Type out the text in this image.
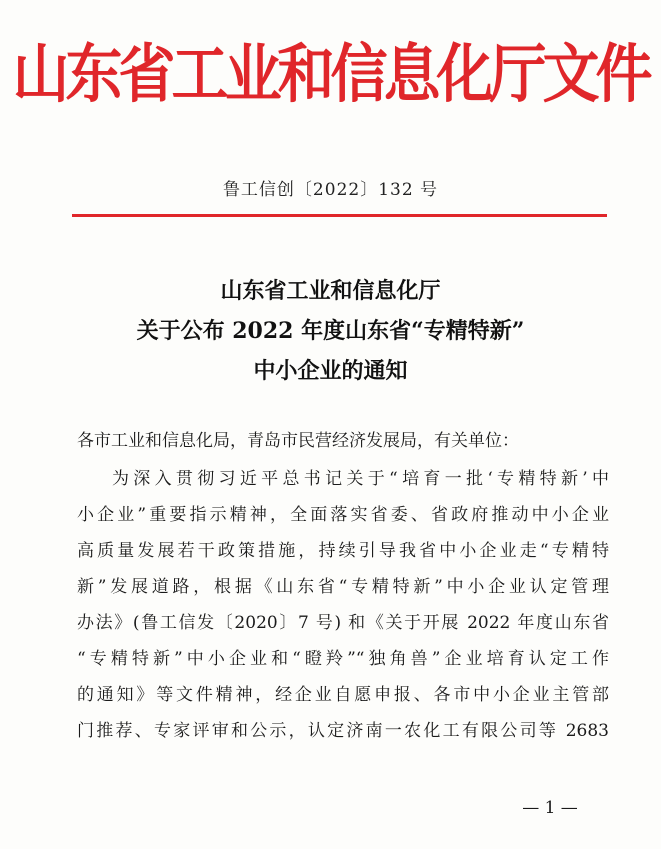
山东省工业和信息化厅文件
鲁工信创〔2022〕132 号
山东省工业和信息化厅
关于公布 2022 年度山东省“专精特新”
中小企业的通知
各市工业和信息化局，青岛市民营经济发展局，有关单位：
为深入贯彻习近平总书记关于“培育一批‘专精特新’中
小企业”重要指示精神，全面落实省委、省政府推动中小企业
高质量发展若干政策措施，持续引导我省中小企业走“专精特
新”发展道路，根据《山东省“专精特新”中小企业认定管理
办法》(鲁工信发〔2020〕7 号) 和《关于开展 2022 年度山东省
“专精特新”中小企业和“瞪羚”“独角兽”企业培育认定工作
的通知》等文件精神，经企业自愿申报、各市中小企业主管部
门推荐、专家评审和公示，认定济南一农化工有限公司等 2683
— 1 —
